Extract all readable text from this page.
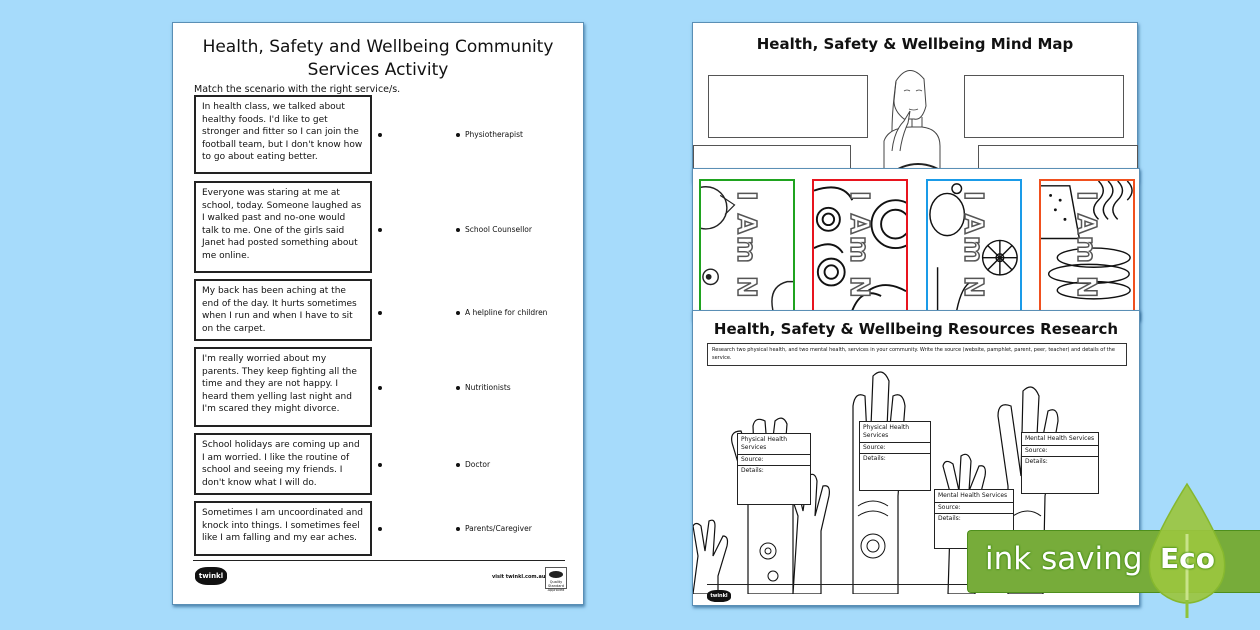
Health, Safety and Wellbeing Community Services Activity
Match the scenario with the right service/s.
In health class, we talked about healthy foods. I'd like to get stronger and fitter so I can join the football team, but I don't know how to go about eating better.
Physiotherapist
Everyone was staring at me at school, today. Someone laughed as I walked past and no-one would talk to me. One of the girls said Janet had posted something about me online.
School Counsellor
My back has been aching at the end of the day. It hurts sometimes when I run and when I have to sit on the carpet.
A helpline for children
I'm really worried about my parents. They keep fighting all the time and they are not happy. I heard them yelling last night and I'm scared they might divorce.
Nutritionists
School holidays are coming up and I am worried. I like the routine of school and seeing my friends. I don't know what I will do.
Doctor
Sometimes I am uncoordinated and knock into things. I sometimes feel like I am falling and my ear aches.
Parents/Caregiver
twinkl	visit twinkl.com.au
Quality Standard Approved
Health, Safety & Wellbeing Mind Map
I Am N	I Am N	I Am N	I Am N
Health, Safety & Wellbeing Resources Research
Research two physical health, and two mental health, services in your community. Write the source (website, pamphlet, parent, peer, teacher) and details of the service.
Physical Health Services
Source:
Details:
Physical Health Services
Source:
Details:
Mental Health Services
Source:
Details:
Mental Health Services
Source:
Details:
twinkl
ink saving Eco
